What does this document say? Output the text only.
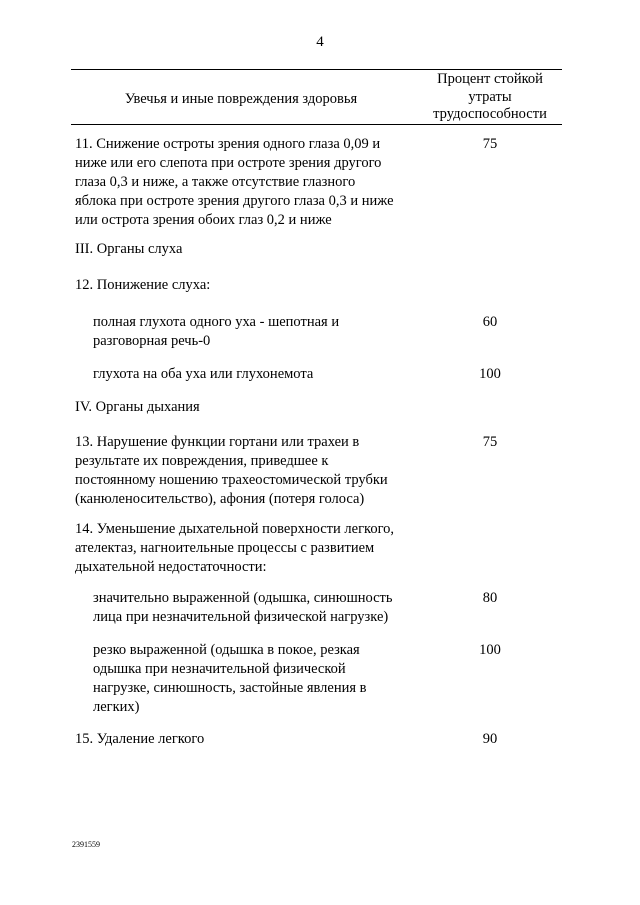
4
Увечья и иные повреждения здоровья
Процент стойкой
утраты
трудоспособности
11. Снижение остроты зрения одного глаза 0,09 и
ниже или его слепота при остроте зрения другого
глаза 0,3 и ниже, а также отсутствие глазного
яблока при остроте зрения другого глаза 0,3 и ниже
или острота зрения обоих глаз 0,2 и ниже
75
III. Органы слуха
12. Понижение слуха:
полная глухота одного уха - шепотная и
разговорная речь-0
60
глухота на оба уха или глухонемота	100
IV. Органы дыхания
13. Нарушение функции гортани или трахеи в
результате их повреждения, приведшее к
постоянному ношению трахеостомической трубки
(канюленосительство), афония (потеря голоса)
75
14. Уменьшение дыхательной поверхности легкого,
ателектаз, нагноительные процессы с развитием
дыхательной недостаточности:
значительно выраженной (одышка, синюшность
лица при незначительной физической нагрузке)
80
резко выраженной (одышка в покое, резкая
одышка при незначительной физической
нагрузке, синюшность, застойные явления в
легких)
100
15. Удаление легкого	90
2391559
